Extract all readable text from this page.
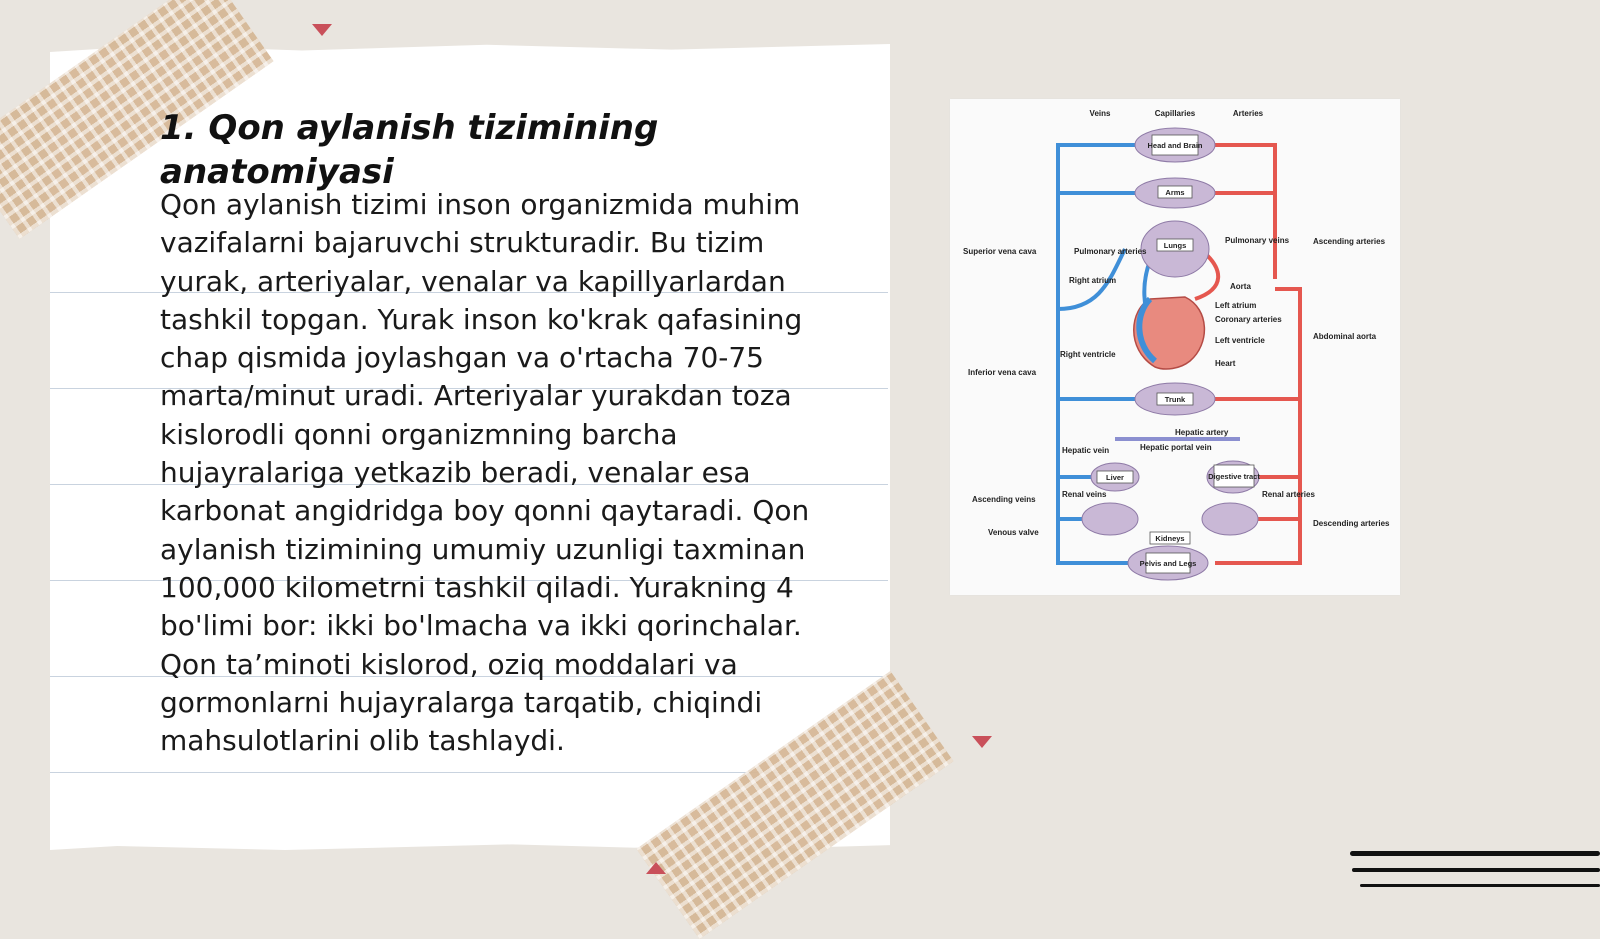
1. Qon aylanish tizimining anatomiyasi

Qon aylanish tizimi inson organizmida muhim vazifalarni bajaruvchi strukturadir. Bu tizim yurak, arteriyalar, venalar va kapillyarlardan tashkil topgan. Yurak inson ko'krak qafasining chap qismida joylashgan va o'rtacha 70-75 marta/minut uradi. Arteriyalar yurakdan toza kislorodli qonni organizmning barcha hujayralariga yetkazib beradi, venalar esa karbonat angidridga boy qonni qaytaradi. Qon aylanish tizimining umumiy uzunligi taxminan 100,000 kilometrni tashkil qiladi. Yurakning 4 bo'limi bor: ikki bo'lmacha va ikki qorinchalar. Qon ta’minoti kislorod, oziq moddalari va gormonlarni hujayralarga tarqatib, chiqindi mahsulotlarini olib tashlaydi.

Head and Brain
Arms
Lungs
Trunk
Liver	Digestive tract
Kidneys
Pelvis and Legs
Veins	Capillaries	Arteries
Superior vena cava	Pulmonary arteries
Right atrium
Right ventricle
Inferior vena cava
Hepatic vein
Renal veins
Ascending veins
Venous valve
Pulmonary veins	Ascending arteries
Aorta
Left atrium
Coronary arteries
Left ventricle	Abdominal aorta
Heart
Hepatic artery
Hepatic portal vein
Renal arteries
Descending arteries
